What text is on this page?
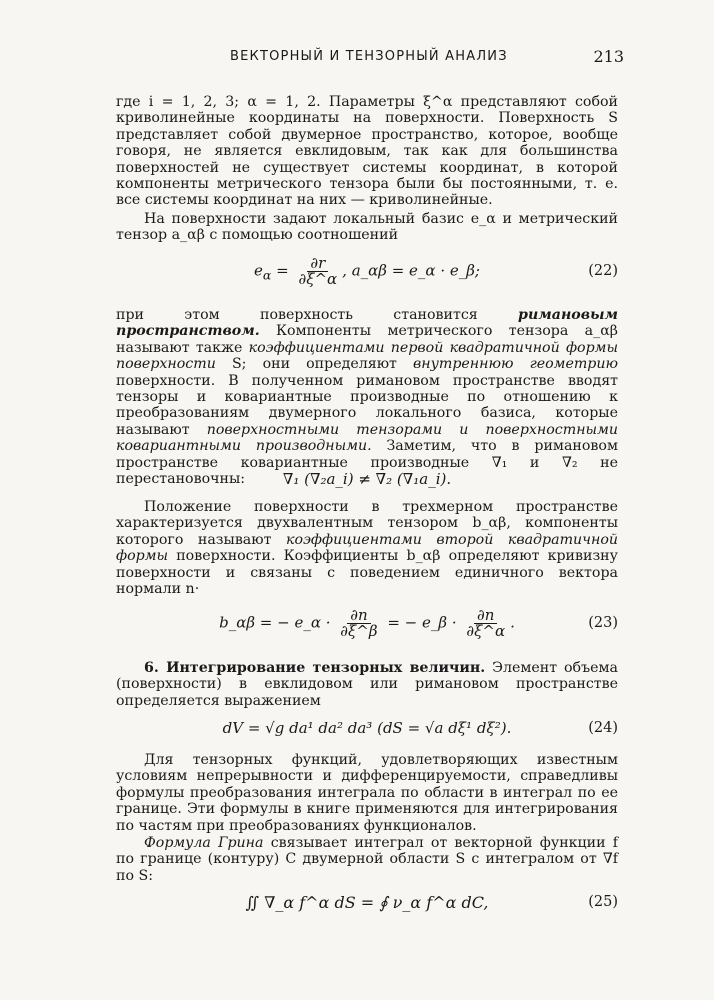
ВЕКТОРНЫЙ И ТЕНЗОРНЫЙ АНАЛИЗ	213
где i = 1, 2, 3; α = 1, 2. Параметры ξ^α представляют собой криволинейные координаты на поверхности. Поверхность S представляет собой двумерное пространство, которое, вообще говоря, не является евклидовым, так как для большинства поверхностей не существует системы координат, в которой компоненты метрического тензора были бы постоянными, т. е. все системы координат на них — криволинейные.
На поверхности задают локальный базис e_α и метрический тензор a_αβ с помощью соотношений
$e_\alpha = \frac{\partial r}{\partial\xi\^{}\alpha}$ , a_αβ = e_α · e_β;	(22)
при этом поверхность становится римановым пространством. Компоненты метрического тензора a_αβ называют также коэффициентами первой квадратичной формы поверхности S; они определяют внутреннюю геометрию поверхности. В полученном римановом пространстве вводят тензоры и ковариантные производные по отношению к преобразованиям двумерного локального базиса, которые называют поверхностными тензорами и поверхностными ковариантными производными. Заметим, что в римановом пространстве ковариантные производные ∇₁ и ∇₂ не перестановочны:	∇₁ (∇₂a_i) ≠ ∇₂ (∇₁a_i).
Положение поверхности в трехмерном пространстве характеризуется двухвалентным тензором b_αβ, компоненты которого называют коэффициентами второй квадратичной формы поверхности. Коэффициенты b_αβ определяют кривизну поверхности и связаны с поведением единичного вектора нормали n·
b_αβ = − e_α · $\frac{\partial n}{\partial\xi\^{}\beta}$ = − e_β · $\frac{\partial n}{\partial\xi\^{}\alpha}$ .	(23)
6. Интегрирование тензорных величин. Элемент объема (поверхности) в евклидовом или римановом пространстве определяется выражением
dV = √g da¹ da² da³ (dS = √a dξ¹ dξ²).	(24)
Для тензорных функций, удовлетворяющих известным условиям непрерывности и дифференцируемости, справедливы формулы преобразования интеграла по области в интеграл по ее границе. Эти формулы в книге применяются для интегрирования по частям при преобразованиях функционалов.
Формула Грина связывает интеграл от векторной функции f по границе (контуру) C двумерной области S с интегралом от ∇f по S:
∬ ∇_α f^α dS = ∮ ν_α f^α dC,	(25)
